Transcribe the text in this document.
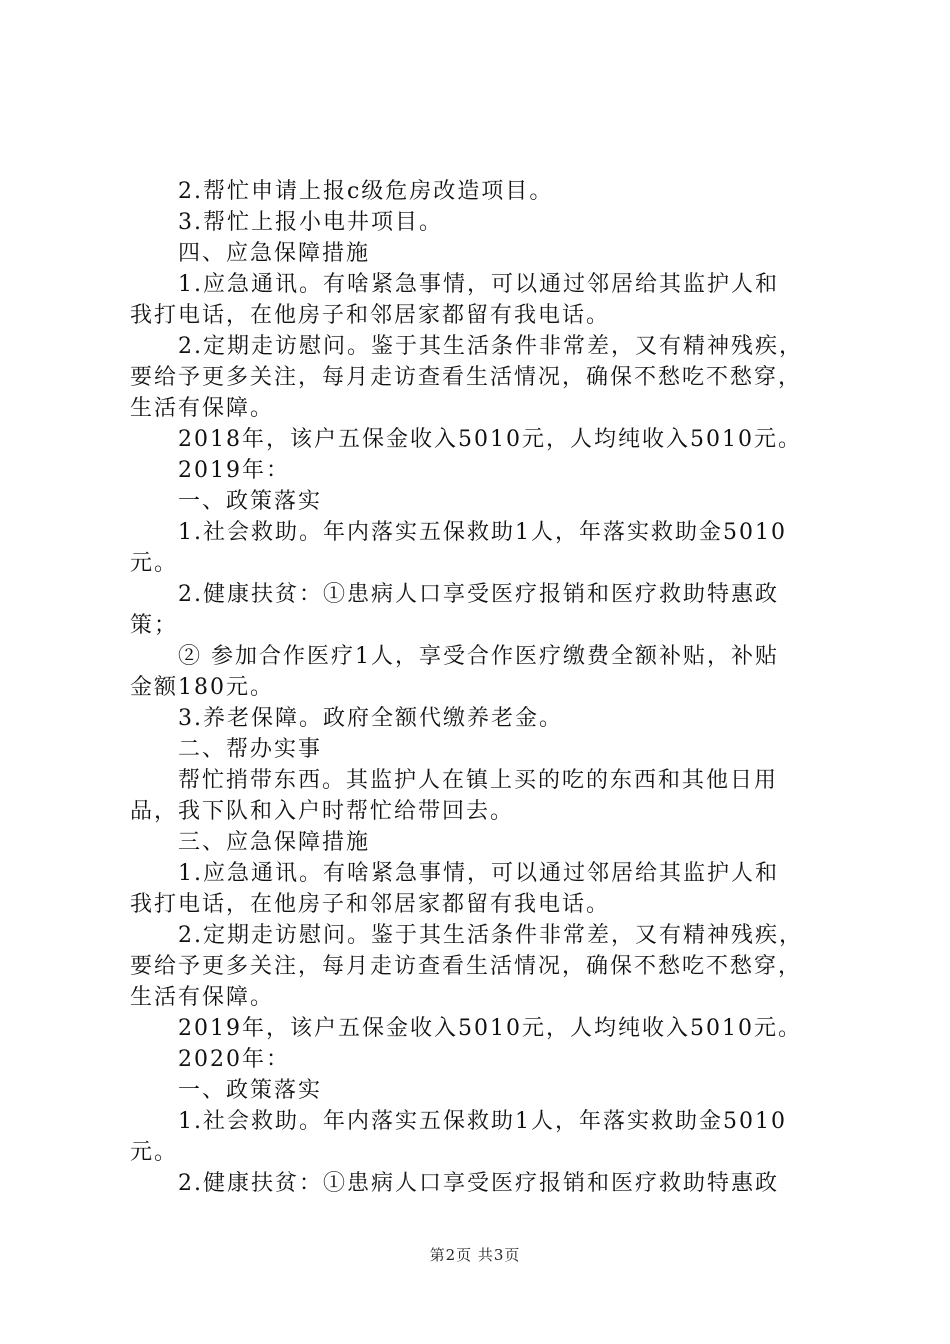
2.帮忙申请上报c级危房改造项目。
3.帮忙上报小电井项目。
四、应急保障措施
1.应急通讯。有啥紧急事情，可以通过邻居给其监护人和
我打电话，在他房子和邻居家都留有我电话。
2.定期走访慰问。鉴于其生活条件非常差，又有精神残疾，
要给予更多关注，每月走访查看生活情况，确保不愁吃不愁穿，
生活有保障。
2018年，该户五保金收入5010元，人均纯收入5010元。
2019年：
一、政策落实
1.社会救助。年内落实五保救助1人，年落实救助金5010
元。
2.健康扶贫：①患病人口享受医疗报销和医疗救助特惠政
策；
② 参加合作医疗1人，享受合作医疗缴费全额补贴，补贴
金额180元。
3.养老保障。政府全额代缴养老金。
二、帮办实事
帮忙捎带东西。其监护人在镇上买的吃的东西和其他日用
品，我下队和入户时帮忙给带回去。
三、应急保障措施
1.应急通讯。有啥紧急事情，可以通过邻居给其监护人和
我打电话，在他房子和邻居家都留有我电话。
2.定期走访慰问。鉴于其生活条件非常差，又有精神残疾，
要给予更多关注，每月走访查看生活情况，确保不愁吃不愁穿，
生活有保障。
2019年，该户五保金收入5010元，人均纯收入5010元。
2020年：
一、政策落实
1.社会救助。年内落实五保救助1人，年落实救助金5010
元。
2.健康扶贫：①患病人口享受医疗报销和医疗救助特惠政
第2页 共3页
